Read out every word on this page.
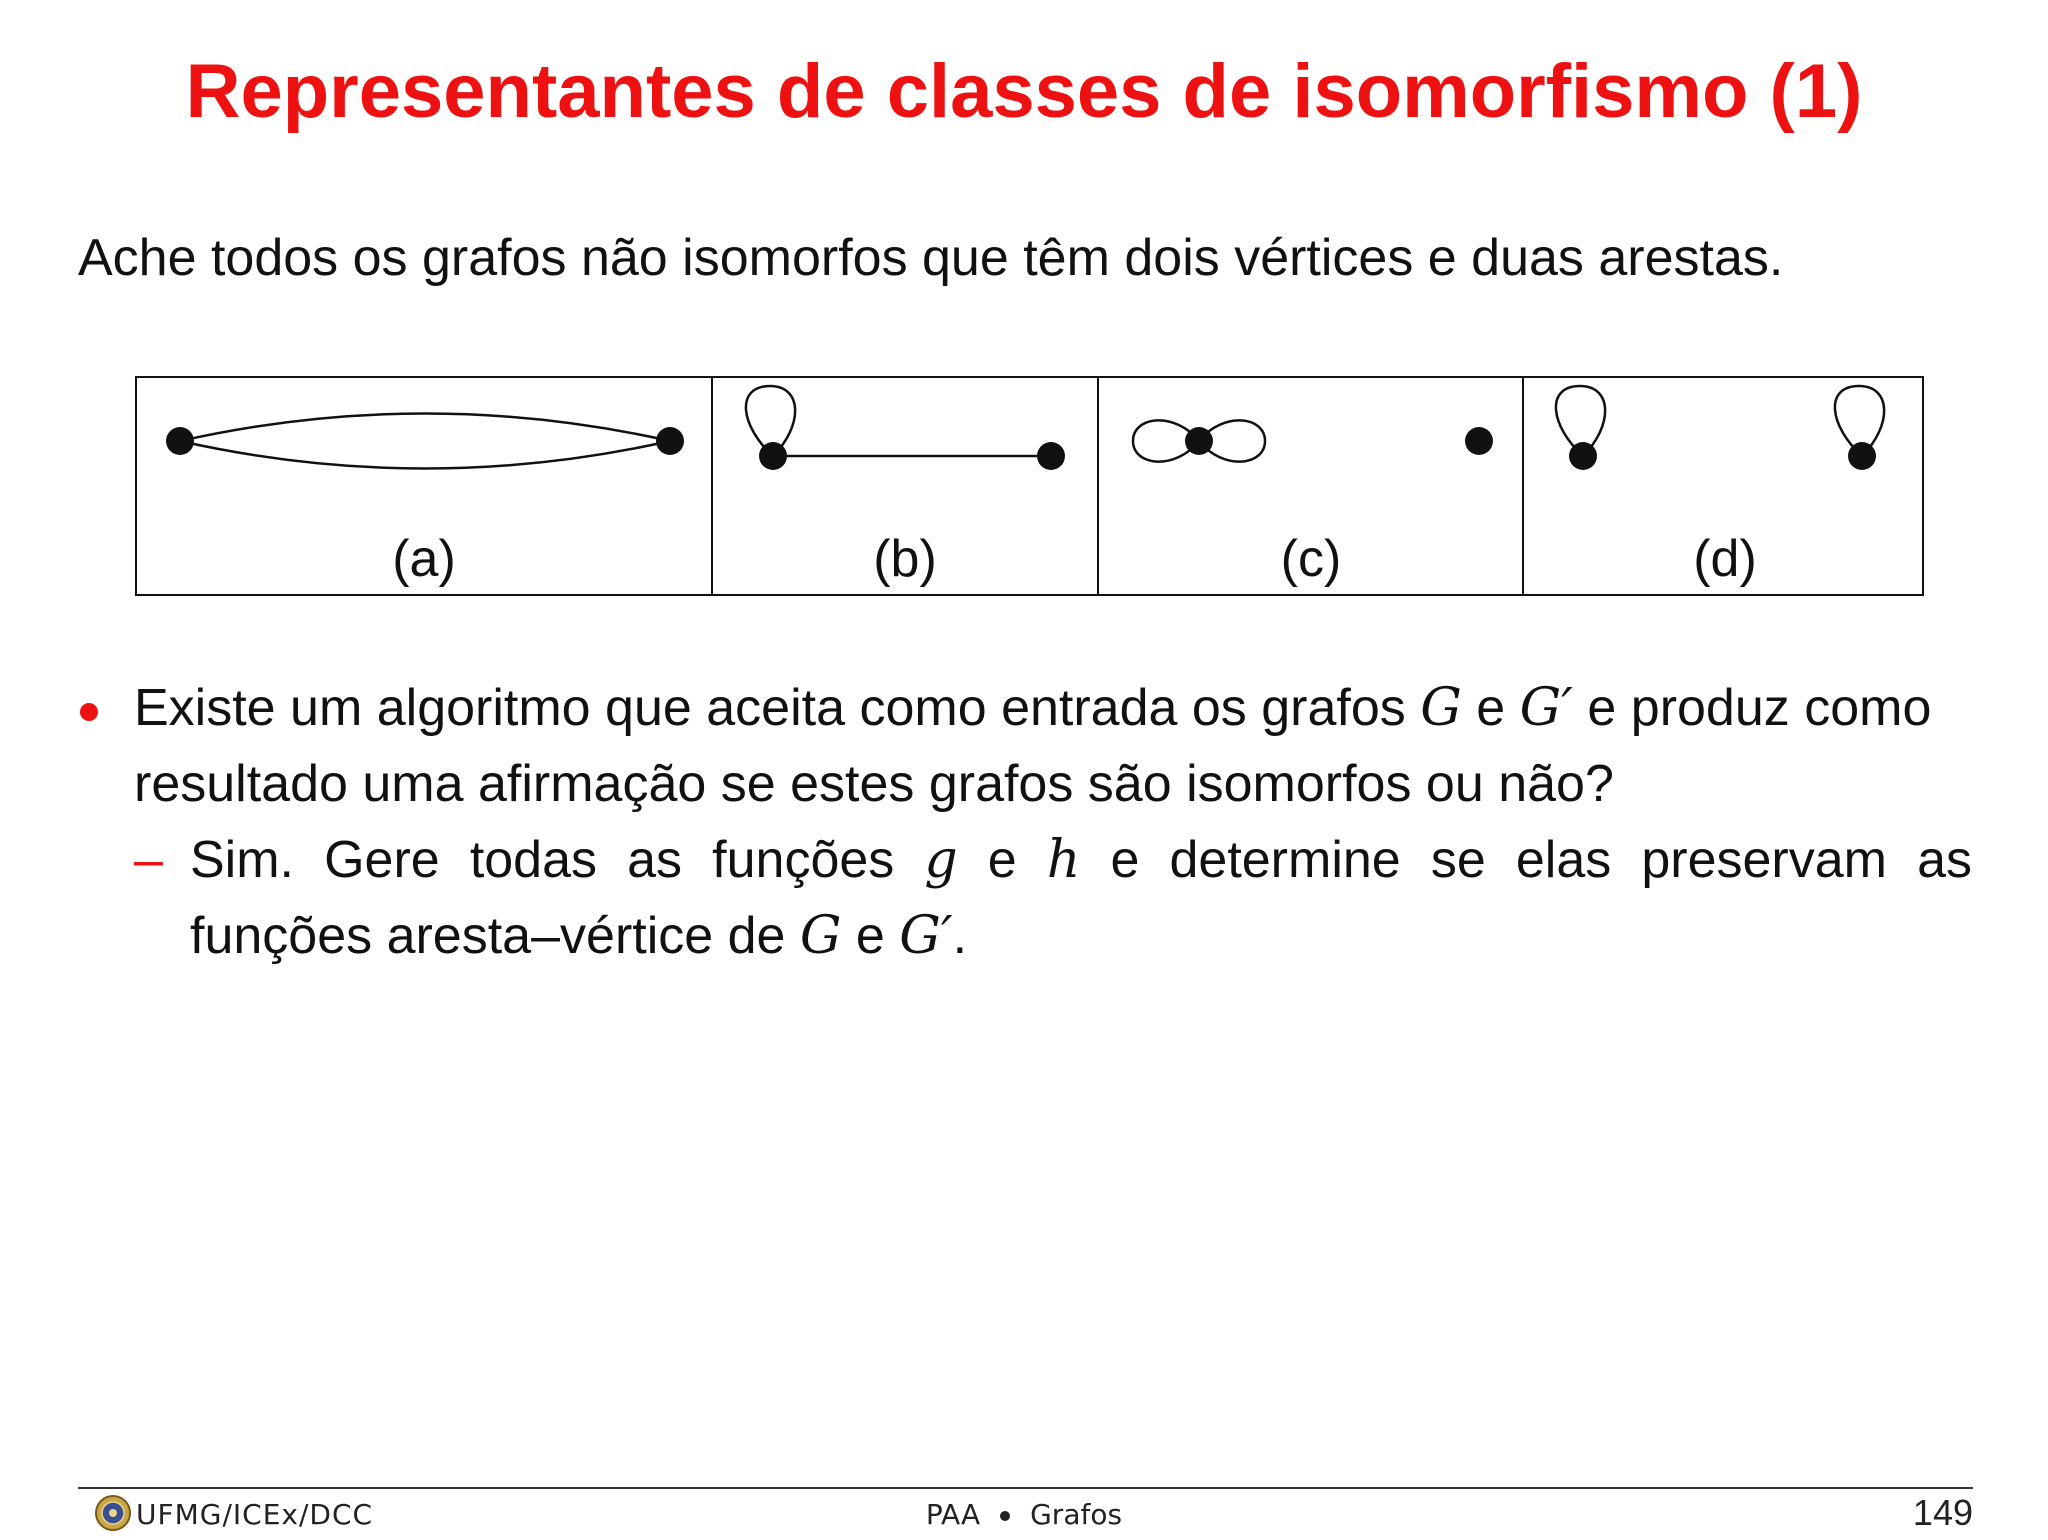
Representantes de classes de isomorfismo (1)
Ache todos os grafos não isomorfos que têm dois vértices e duas arestas.
(a)	(b)	(c)	(d)
Existe um algoritmo que aceita como entrada os grafos G e G′ e produz como resultado uma afirmação se estes grafos são isomorfos ou não?
– Sim. Gere todas as funções g e h e determine se elas preservam as
funções aresta–vértice de G e G′.
UFMG/ICEx/DCC	PAA Grafos	149
